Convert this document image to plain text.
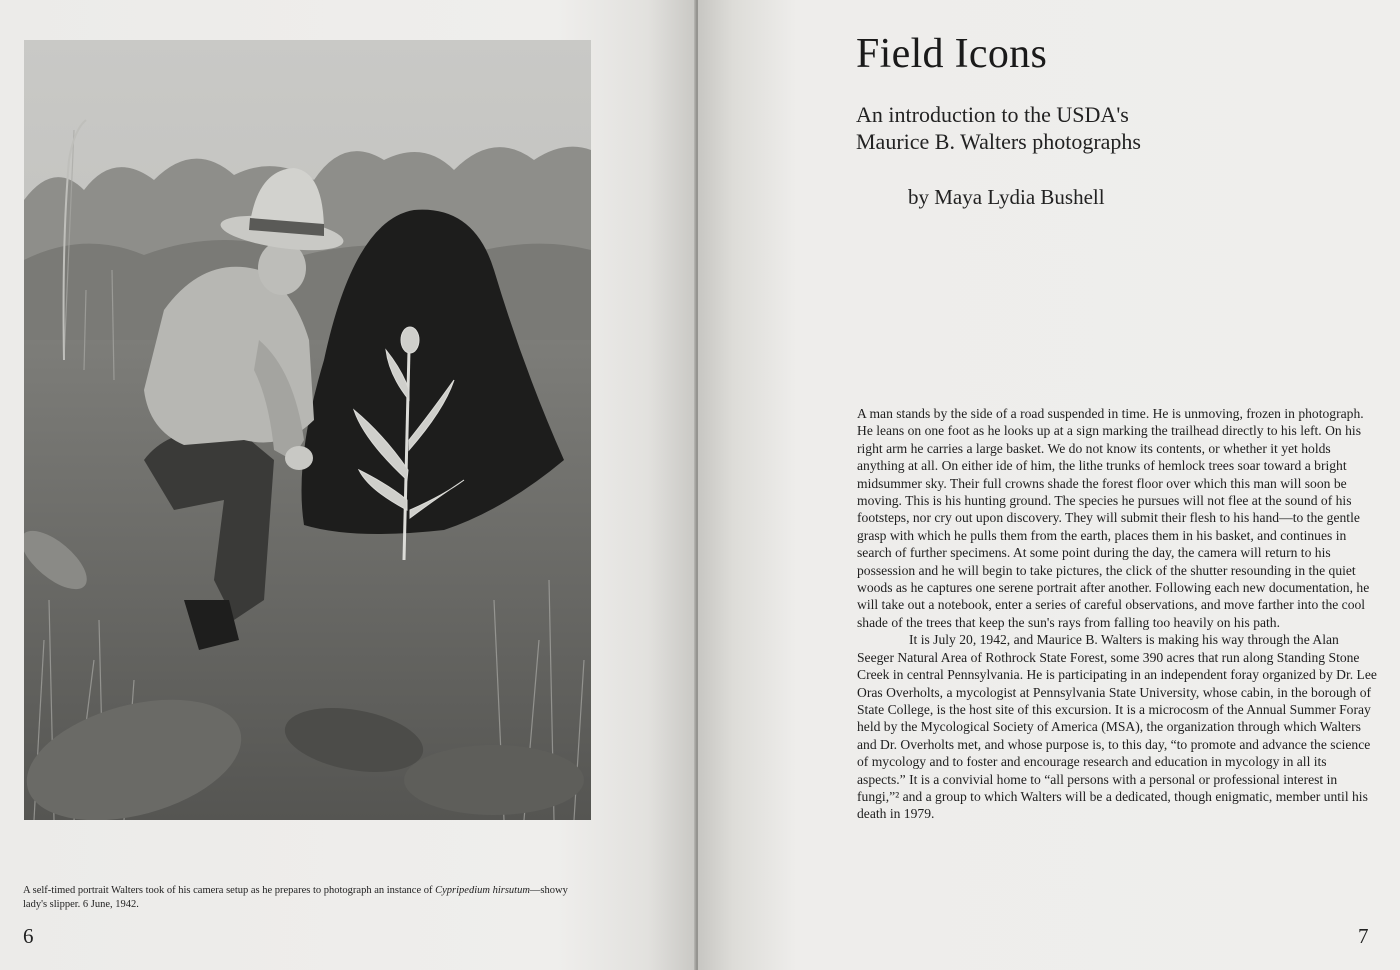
A self-timed portrait Walters took of his camera setup as he prepares to photograph an instance of Cypripedium hirsutum—showy lady's slipper. 6 June, 1942.
6
Field Icons
An introduction to the USDA's
Maurice B. Walters photographs
by Maya Lydia Bushell

A man stands by the side of a road suspended in time. He is unmoving, frozen in photograph. He leans on one foot as he looks up at a sign marking the trailhead directly to his left. On his right arm he carries a large basket. We do not know its contents, or whether it yet holds anything at all. On either ide of him, the lithe trunks of hemlock trees soar toward a bright midsummer sky. Their full crowns shade the forest floor over which this man will soon be moving. This is his hunting ground. The species he pursues will not flee at the sound of his footsteps, nor cry out upon discovery. They will submit their flesh to his hand—to the gentle grasp with which he pulls them from the earth, places them in his basket, and continues in search of further specimens. At some point during the day, the camera will return to his possession and he will begin to take pictures, the click of the shutter resounding in the quiet woods as he captures one serene portrait after another. Following each new documentation, he will take out a notebook, enter a series of careful observations, and move farther into the cool shade of the trees that keep the sun's rays from falling too heavily on his path.

It is July 20, 1942, and Maurice B. Walters is making his way through the Alan Seeger Natural Area of Rothrock State Forest, some 390 acres that run along Standing Stone Creek in central Pennsylvania. He is participating in an independent foray organized by Dr. Lee Oras Overholts, a mycologist at Pennsylvania State University, whose cabin, in the borough of State College, is the host site of this excursion. It is a microcosm of the Annual Summer Foray held by the Mycological Society of America (MSA), the organization through which Walters and Dr. Overholts met, and whose purpose is, to this day, “to promote and advance the science of mycology and to foster and encourage research and education in mycology in all its aspects.” It is a convivial home to “all persons with a personal or professional interest in fungi,”² and a group to which Walters will be a dedicated, though enigmatic, member until his death in 1979.

7
